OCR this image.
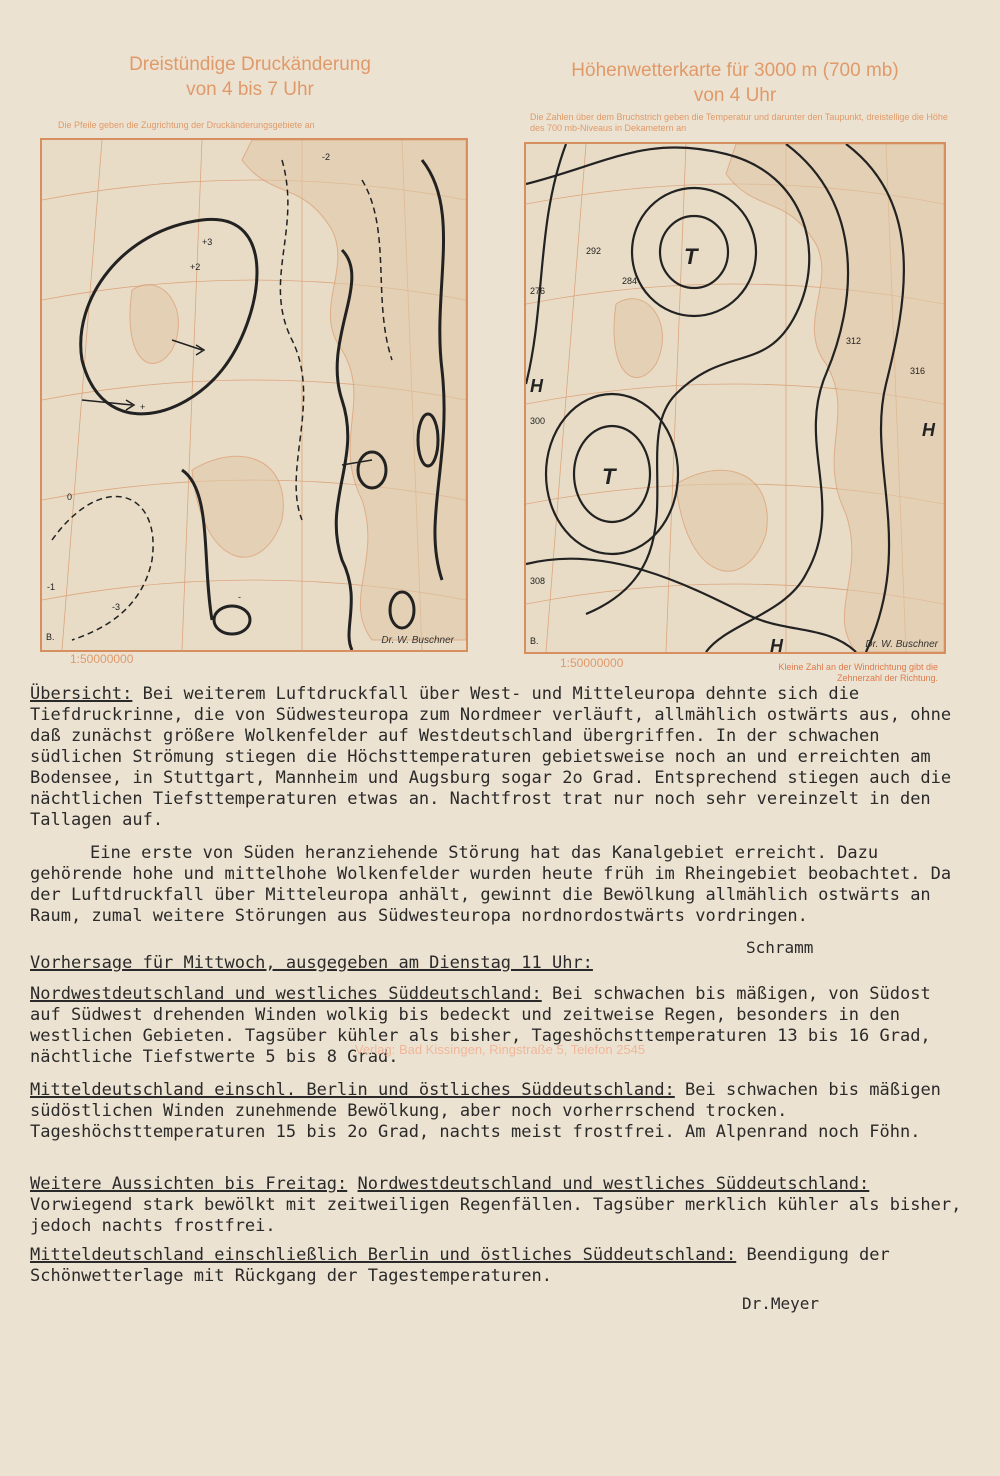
Dreistündige Druckänderung
von 4 bis 7 Uhr
Die Pfeile geben die Zugrichtung der Druckänderungsgebiete an
+2
+3
0
-1
-3
-2
+
-
B.	Dr. W. Buschner
1:50000000
Höhenwetterkarte für 3000 m (700 mb)
von 4 Uhr
Die Zahlen über dem Bruchstrich geben die Temperatur und darunter den Taupunkt, dreistellige die Höhe des 700 mb-Niveaus in Dekametern an
T
T
H
H
H
276
284
292
300
308
312
316
B.	Dr. W. Buschner
1:50000000	Kleine Zahl an der Windrichtung gibt die Zehnerzahl der Richtung.
Übersicht: Bei weiterem Luftdruckfall über West- und Mitteleuropa dehnte sich die Tiefdruckrinne, die von Südwesteuropa zum Nordmeer verläuft, allmählich ostwärts aus, ohne daß zunächst größere Wolkenfelder auf Westdeutschland übergriffen. In der schwachen südlichen Strömung stiegen die Höchsttemperaturen gebietsweise noch an und erreichten am Bodensee, in Stuttgart, Mannheim und Augsburg sogar 2o Grad. Entsprechend stiegen auch die nächtlichen Tiefsttemperaturen etwas an. Nachtfrost trat nur noch sehr vereinzelt in den Tallagen auf.
Eine erste von Süden heranziehende Störung hat das Kanalgebiet erreicht. Dazu gehörende hohe und mittelhohe Wolkenfelder wurden heute früh im Rheingebiet beobachtet. Da der Luftdruckfall über Mitteleuropa anhält, gewinnt die Bewölkung allmählich ostwärts an Raum, zumal weitere Störungen aus Südwesteuropa nordnordostwärts vordringen.
Schramm
Vorhersage für Mittwoch, ausgegeben am Dienstag 11 Uhr:
Nordwestdeutschland und westliches Süddeutschland: Bei schwachen bis mäßigen, von Südost auf Südwest drehenden Winden wolkig bis bedeckt und zeitweise Regen, besonders in den westlichen Gebieten. Tagsüber kühler als bisher, Tageshöchsttemperaturen 13 bis 16 Grad, nächtliche Tiefstwerte 5 bis 8 Grad.
Mitteldeutschland einschl. Berlin und östliches Süddeutschland: Bei schwachen bis mäßigen südöstlichen Winden zunehmende Bewölkung, aber noch vorherrschend trocken. Tageshöchsttemperaturen 15 bis 2o Grad, nachts meist frostfrei. Am Alpenrand noch Föhn.
Weitere Aussichten bis Freitag: Nordwestdeutschland und westliches Süddeutschland: Vorwiegend stark bewölkt mit zeitweiligen Regenfällen. Tagsüber merklich kühler als bisher, jedoch nachts frostfrei.
Mitteldeutschland einschließlich Berlin und östliches Süddeutschland: Beendigung der Schönwetterlage mit Rückgang der Tagestemperaturen.
Dr.Meyer
Verlag: Bad Kissingen, Ringstraße 5, Telefon 2545
